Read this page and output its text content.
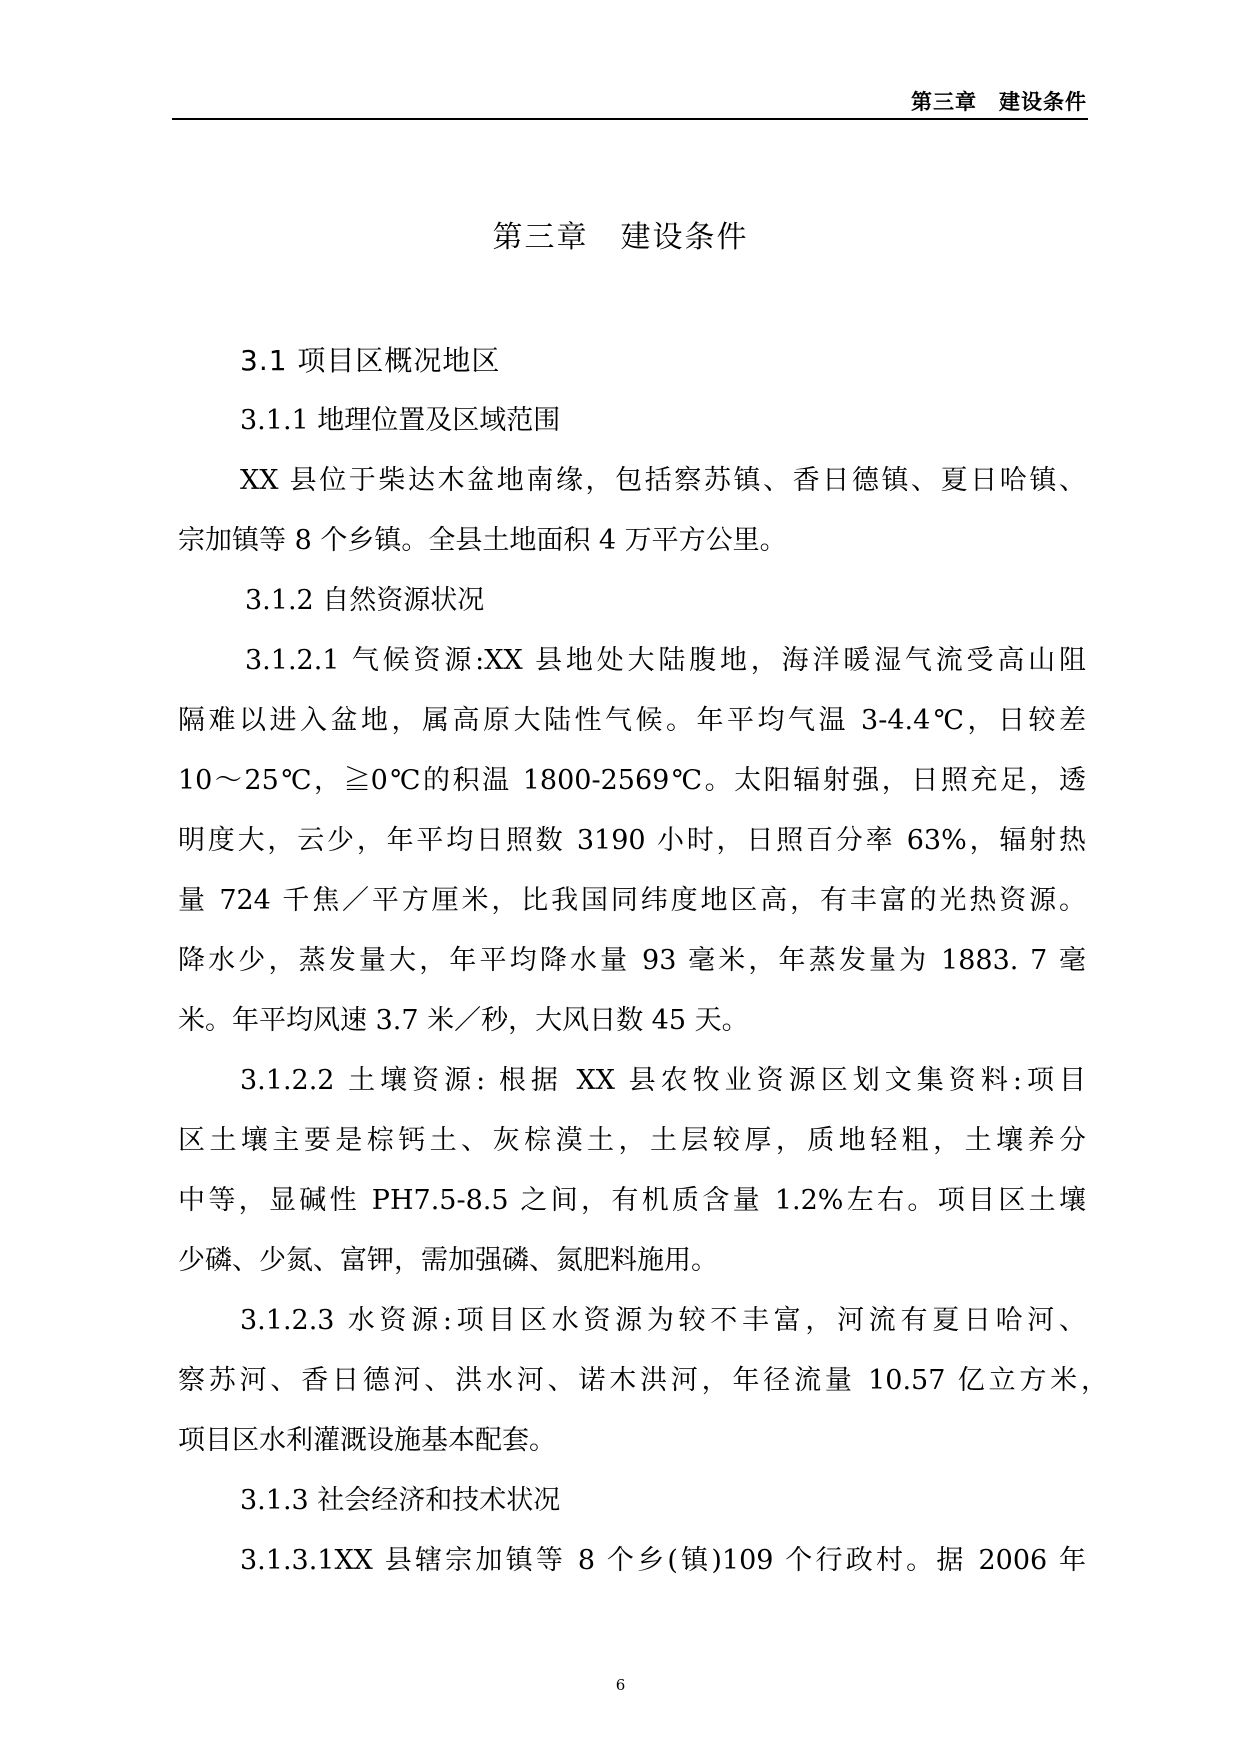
第三章　建设条件
第三章　建设条件
3.1 项目区概况地区
3.1.1 地理位置及区域范围
XX 县位于柴达木盆地南缘，包括察苏镇、香日德镇、夏日哈镇、
宗加镇等 8 个乡镇。全县土地面积 4 万平方公里。
3.1.2 自然资源状况
3.1.2.1 气候资源:XX 县地处大陆腹地，海洋暖湿气流受高山阻
隔难以进入盆地，属高原大陆性气候。年平均气温 3-4.4℃，日较差
10～25℃，≧0℃的积温 1800-2569℃。太阳辐射强，日照充足，透
明度大，云少，年平均日照数 3190 小时，日照百分率 63%，辐射热
量 724 千焦／平方厘米，比我国同纬度地区高，有丰富的光热资源。
降水少，蒸发量大，年平均降水量 93 毫米，年蒸发量为 1883. 7 毫
米。年平均风速 3.7 米／秒，大风日数 45 天。
3.1.2.2 土壤资源: 根据 XX 县农牧业资源区划文集资料:项目
区土壤主要是棕钙土、灰棕漠土，土层较厚，质地轻粗，土壤养分
中等，显碱性 PH7.5-8.5 之间，有机质含量 1.2%左右。项目区土壤
少磷、少氮、富钾，需加强磷、氮肥料施用。
3.1.2.3 水资源:项目区水资源为较不丰富，河流有夏日哈河、
察苏河、香日德河、洪水河、诺木洪河，年径流量 10.57 亿立方米，
项目区水利灌溉设施基本配套。
3.1.3 社会经济和技术状况
3.1.3.1XX 县辖宗加镇等 8 个乡(镇)109 个行政村。据 2006 年
6
